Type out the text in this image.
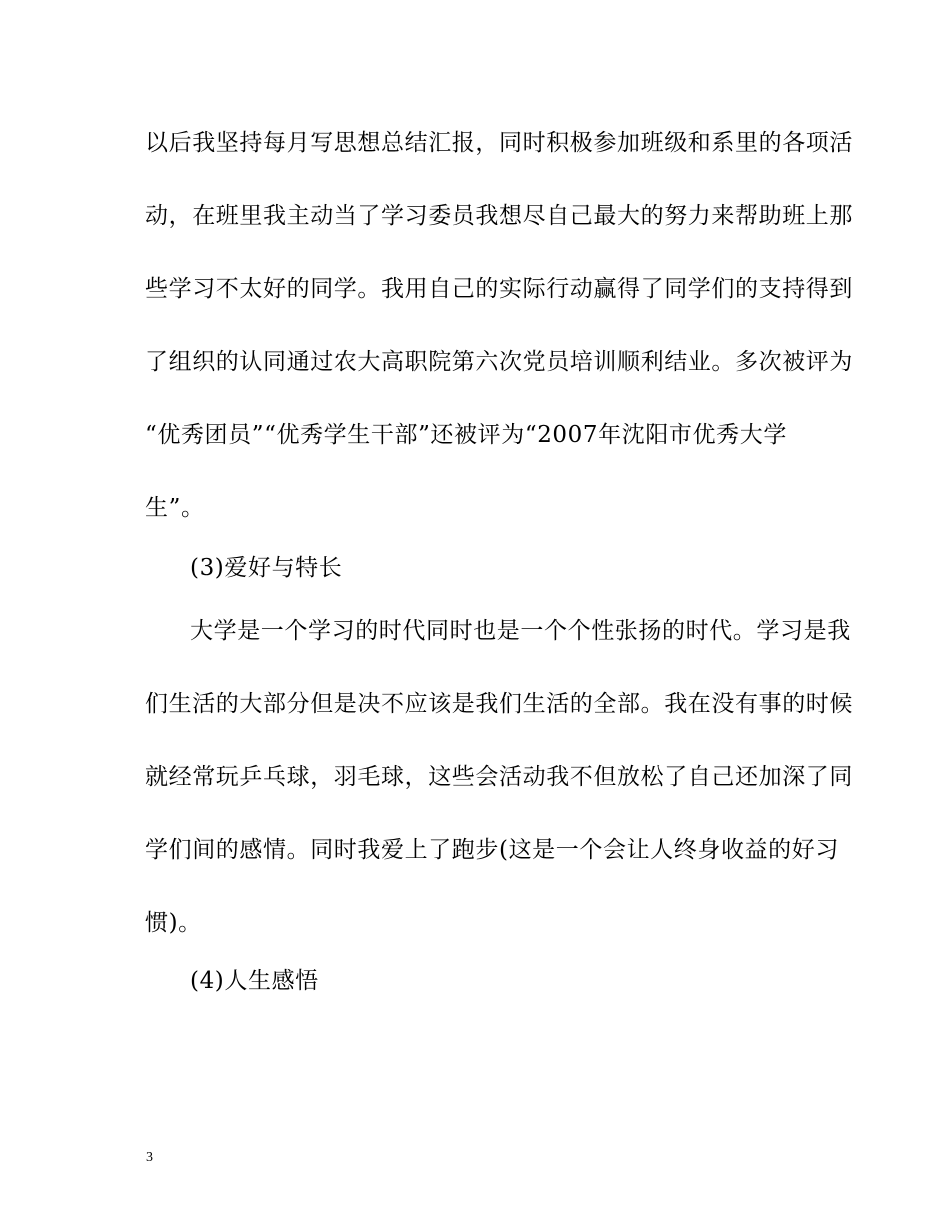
以后我坚持每月写思想总结汇报，同时积极参加班级和系里的各项活
动，在班里我主动当了学习委员我想尽自己最大的努力来帮助班上那
些学习不太好的同学。我用自己的实际行动赢得了同学们的支持得到
了组织的认同通过农大高职院第六次党员培训顺利结业。多次被评为
“优秀团员”“优秀学生干部”还被评为“2007年沈阳市优秀大学
生”。
(3)爱好与特长
大学是一个学习的时代同时也是一个个性张扬的时代。学习是我
们生活的大部分但是决不应该是我们生活的全部。我在没有事的时候
就经常玩乒乓球，羽毛球，这些会活动我不但放松了自己还加深了同
学们间的感情。同时我爱上了跑步(这是一个会让人终身收益的好习
惯)。
(4)人生感悟
3
